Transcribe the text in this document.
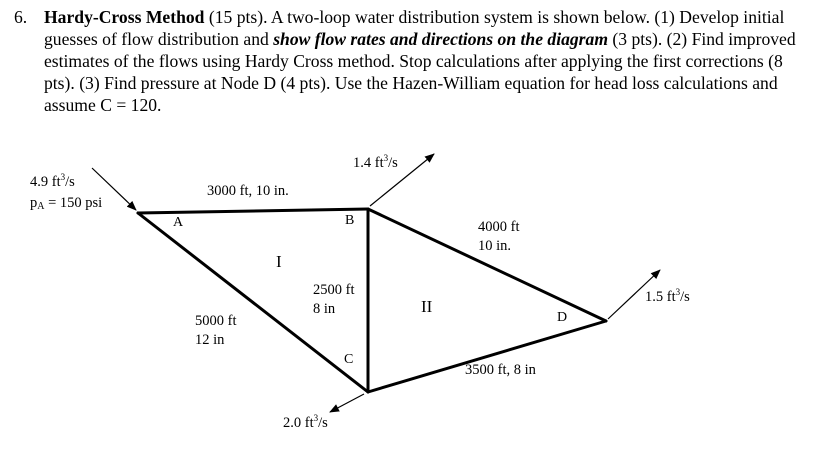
6. Hardy-Cross Method (15 pts). A two-loop water distribution system is shown below. (1) Develop initial guesses of flow distribution and show flow rates and directions on the diagram (3 pts). (2) Find improved estimates of the flows using Hardy Cross method. Stop calculations after applying the first corrections (8 pts). (3) Find pressure at Node D (4 pts). Use the Hazen-William equation for head loss calculations and assume C = 120.
4.9 $ft^3/s$
$p_A = 150$ psi
1.4 $ft^3/s$
2.0 $ft^3/s$
1.5 $ft^3/s$
3000 ft, 10 in.
4000 ft
10 in.
2500 ft
8 in
5000 ft
12 in
3500 ft, 8 in
A	B
C
D
I
II
